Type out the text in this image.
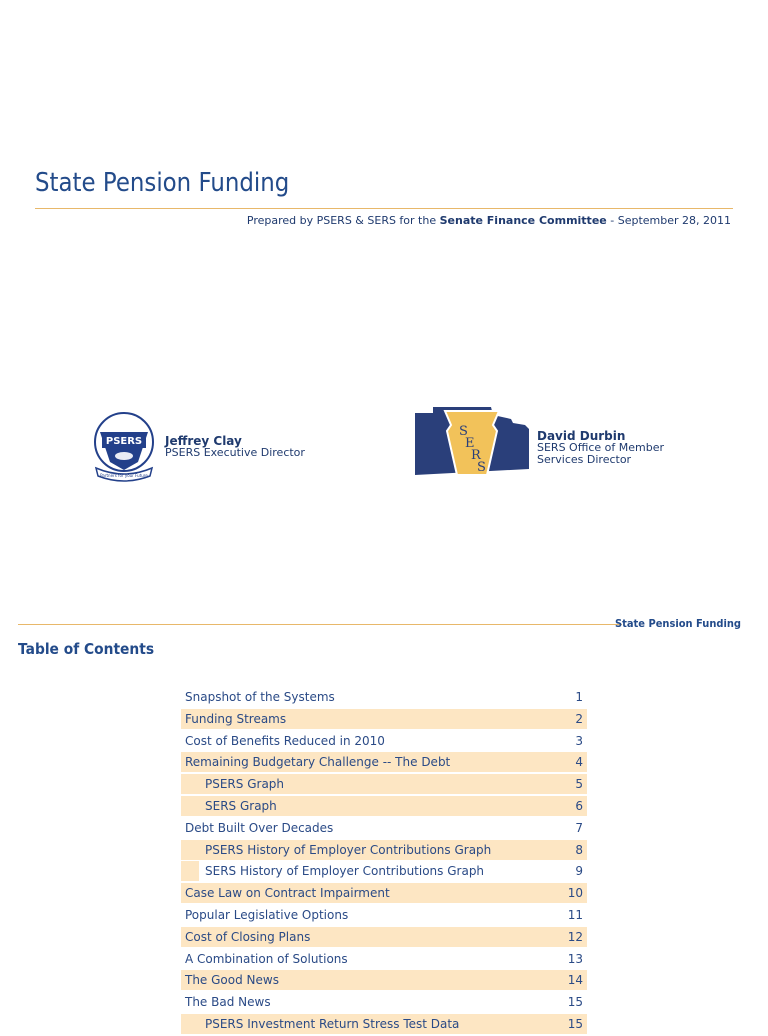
State Pension Funding
Prepared by PSERS & SERS for the Senate Finance Committee - September 28, 2011
PSERS
Partners for your Future
Jeffrey Clay
PSERS Executive Director
S
E
R
S
David Durbin
SERS Office of Member
Services Director
State Pension Funding
Table of Contents
Snapshot of the Systems	1
Funding Streams	2
Cost of Benefits Reduced in 2010	3
Remaining Budgetary Challenge -- The Debt	4
PSERS Graph	5
SERS Graph	6
Debt Built Over Decades	7
PSERS History of Employer Contributions Graph	8
SERS History of Employer Contributions Graph	9
Case Law on Contract Impairment	10
Popular Legislative Options	11
Cost of Closing Plans	12
A Combination of Solutions	13
The Good News	14
The Bad News	15
PSERS Investment Return Stress Test Data	15
